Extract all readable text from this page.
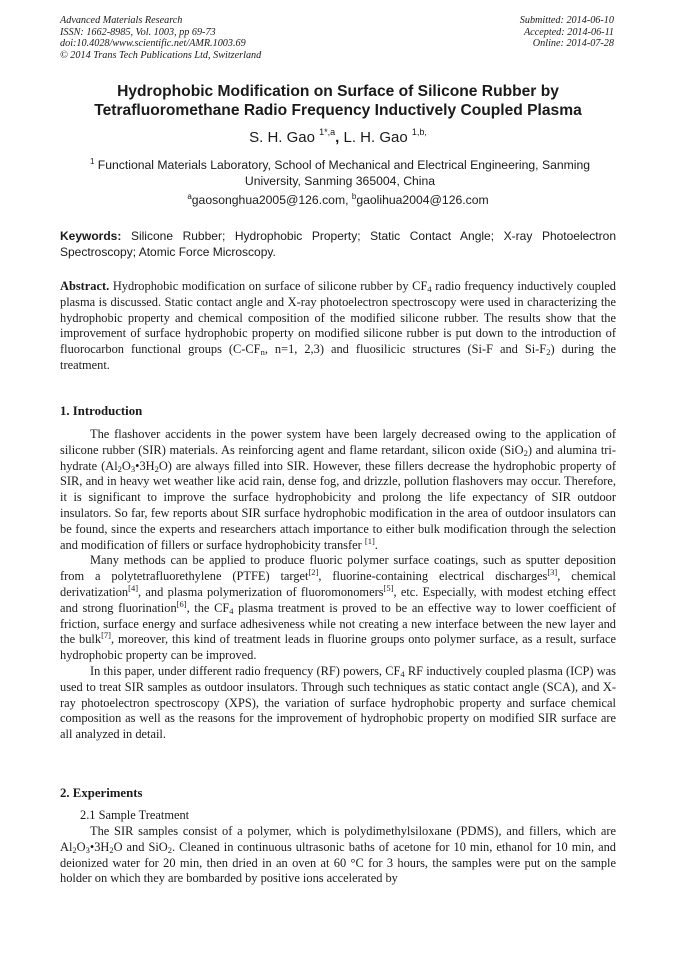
Advanced Materials Research
ISSN: 1662-8985, Vol. 1003, pp 69-73
doi:10.4028/www.scientific.net/AMR.1003.69
© 2014 Trans Tech Publications Ltd, Switzerland
Submitted: 2014-06-10
Accepted: 2014-06-11
Online: 2014-07-28
Hydrophobic Modification on Surface of Silicone Rubber by
Tetrafluoromethane Radio Frequency Inductively Coupled Plasma
S. H. Gao $^{1*,a}$, L. H. Gao $^{1,b,}$
$^1$ Functional Materials Laboratory, School of Mechanical and Electrical Engineering, Sanming University, Sanming 365004, China
$^a$gaosonghua2005@126.com, $^b$gaolihua2004@126.com
Keywords: Silicone Rubber; Hydrophobic Property; Static Contact Angle; X-ray Photoelectron Spectroscopy; Atomic Force Microscopy.
Abstract. Hydrophobic modification on surface of silicone rubber by $CF_4$ radio frequency inductively coupled plasma is discussed. Static contact angle and X-ray photoelectron spectroscopy were used in characterizing the hydrophobic property and chemical composition of the modified silicone rubber. The results show that the improvement of surface hydrophobic property on modified silicone rubber is put down to the introduction of fluorocarbon functional groups ($C-CF_n$, n=1, 2,3) and fluosilicic structures (Si-F and $Si-F_2$) during the treatment.
1. Introduction

The flashover accidents in the power system have been largely decreased owing to the application of silicone rubber (SIR) materials. As reinforcing agent and flame retardant, silicon oxide (SiO$_2$) and alumina tri-hydrate $(Al_2O_3•3H_2O)$ are always filled into SIR. However, these fillers decrease the hydrophobic property of SIR, and in heavy wet weather like acid rain, dense fog, and drizzle, pollution flashovers may occur. Therefore, it is significant to improve the surface hydrophobicity and prolong the life expectancy of SIR outdoor insulators. So far, few reports about SIR surface hydrophobic modification in the area of outdoor insulators can be found, since the experts and researchers attach importance to either bulk modification through the selection and modification of fillers or surface hydrophobicity transfer [1].

Many methods can be applied to produce fluoric polymer surface coatings, such as sputter deposition from a polytetrafluorethylene (PTFE) target[2], fluorine-containing electrical discharges[3], chemical derivatization[4], and plasma polymerization of fluoromonomers[5], etc. Especially, with modest etching effect and strong fluorination[6], the $CF_4$ plasma treatment is proved to be an effective way to lower coefficient of friction, surface energy and surface adhesiveness while not creating a new interface between the new layer and the bulk[7], moreover, this kind of treatment leads in fluorine groups onto polymer surface, as a result, surface hydrophobic property can be improved.

In this paper, under different radio frequency (RF) powers, $CF_4$ RF inductively coupled plasma (ICP) was used to treat SIR samples as outdoor insulators. Through such techniques as static contact angle (SCA), and X-ray photoelectron spectroscopy (XPS), the variation of surface hydrophobic property and surface chemical composition as well as the reasons for the improvement of hydrophobic property on modified SIR surface are all analyzed in detail.

2. Experiments
2.1 Sample Treatment

The SIR samples consist of a polymer, which is polydimethylsiloxane (PDMS), and fillers, which are $Al_2O_3•3H_2O$ and SiO$_2$. Cleaned in continuous ultrasonic baths of acetone for 10 min, ethanol for 10 min, and deionized water for 20 min, then dried in an oven at 60 °C for 3 hours, the samples were put on the sample holder on which they are bombarded by positive ions accelerated by
